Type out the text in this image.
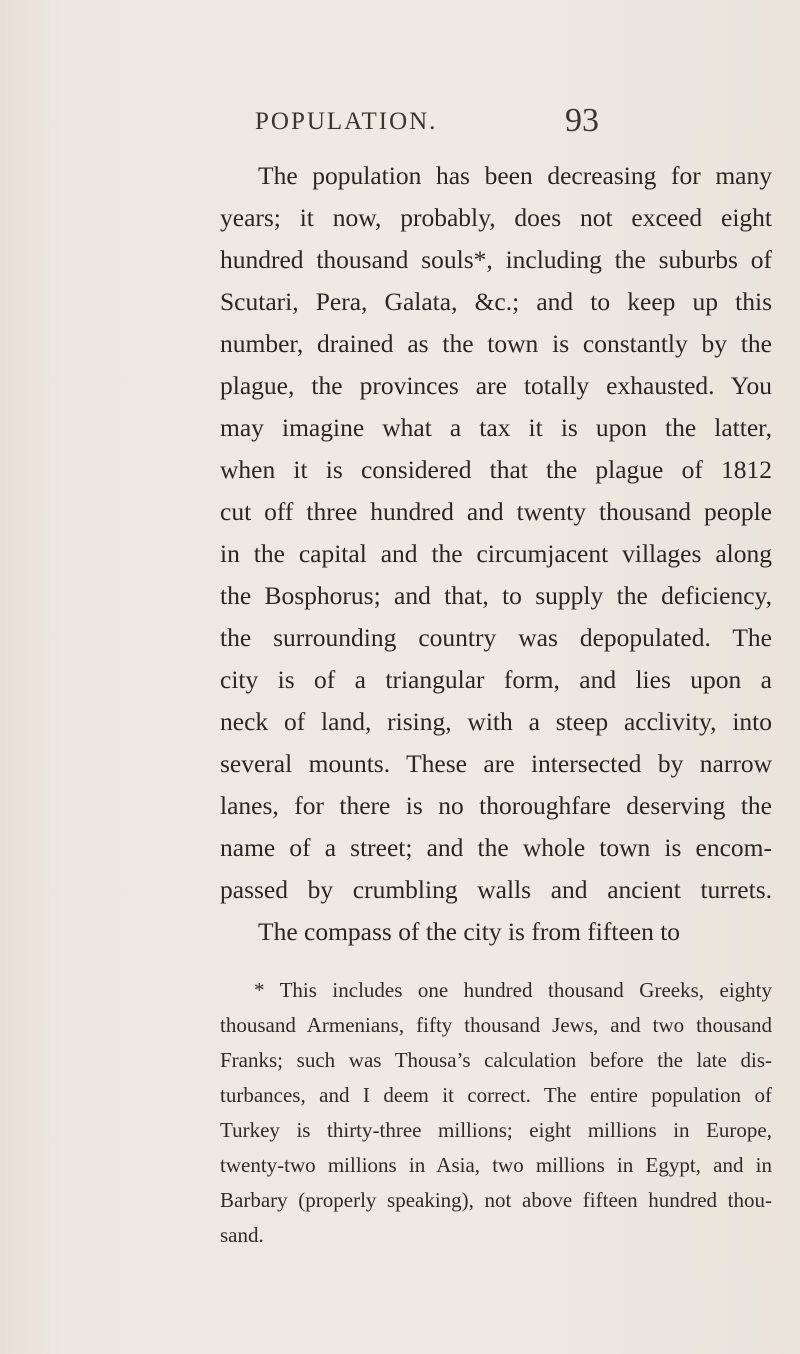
POPULATION.	93
The population has been decreasing for many
years; it now, probably, does not exceed eight
hundred thousand souls*, including the suburbs of
Scutari, Pera, Galata, &c.; and to keep up this
number, drained as the town is constantly by the
plague, the provinces are totally exhausted. You
may imagine what a tax it is upon the latter,
when it is considered that the plague of 1812
cut off three hundred and twenty thousand people
in the capital and the circumjacent villages along
the Bosphorus; and that, to supply the deficiency,
the surrounding country was depopulated. The
city is of a triangular form, and lies upon a
neck of land, rising, with a steep acclivity, into
several mounts. These are intersected by narrow
lanes, for there is no thoroughfare deserving the
name of a street; and the whole town is encom-
passed by crumbling walls and ancient turrets.
The compass of the city is from fifteen to
* This includes one hundred thousand Greeks, eighty
thousand Armenians, fifty thousand Jews, and two thousand
Franks; such was Thousa’s calculation before the late dis-
turbances, and I deem it correct. The entire population of
Turkey is thirty-three millions; eight millions in Europe,
twenty-two millions in Asia, two millions in Egypt, and in
Barbary (properly speaking), not above fifteen hundred thou-
sand.
